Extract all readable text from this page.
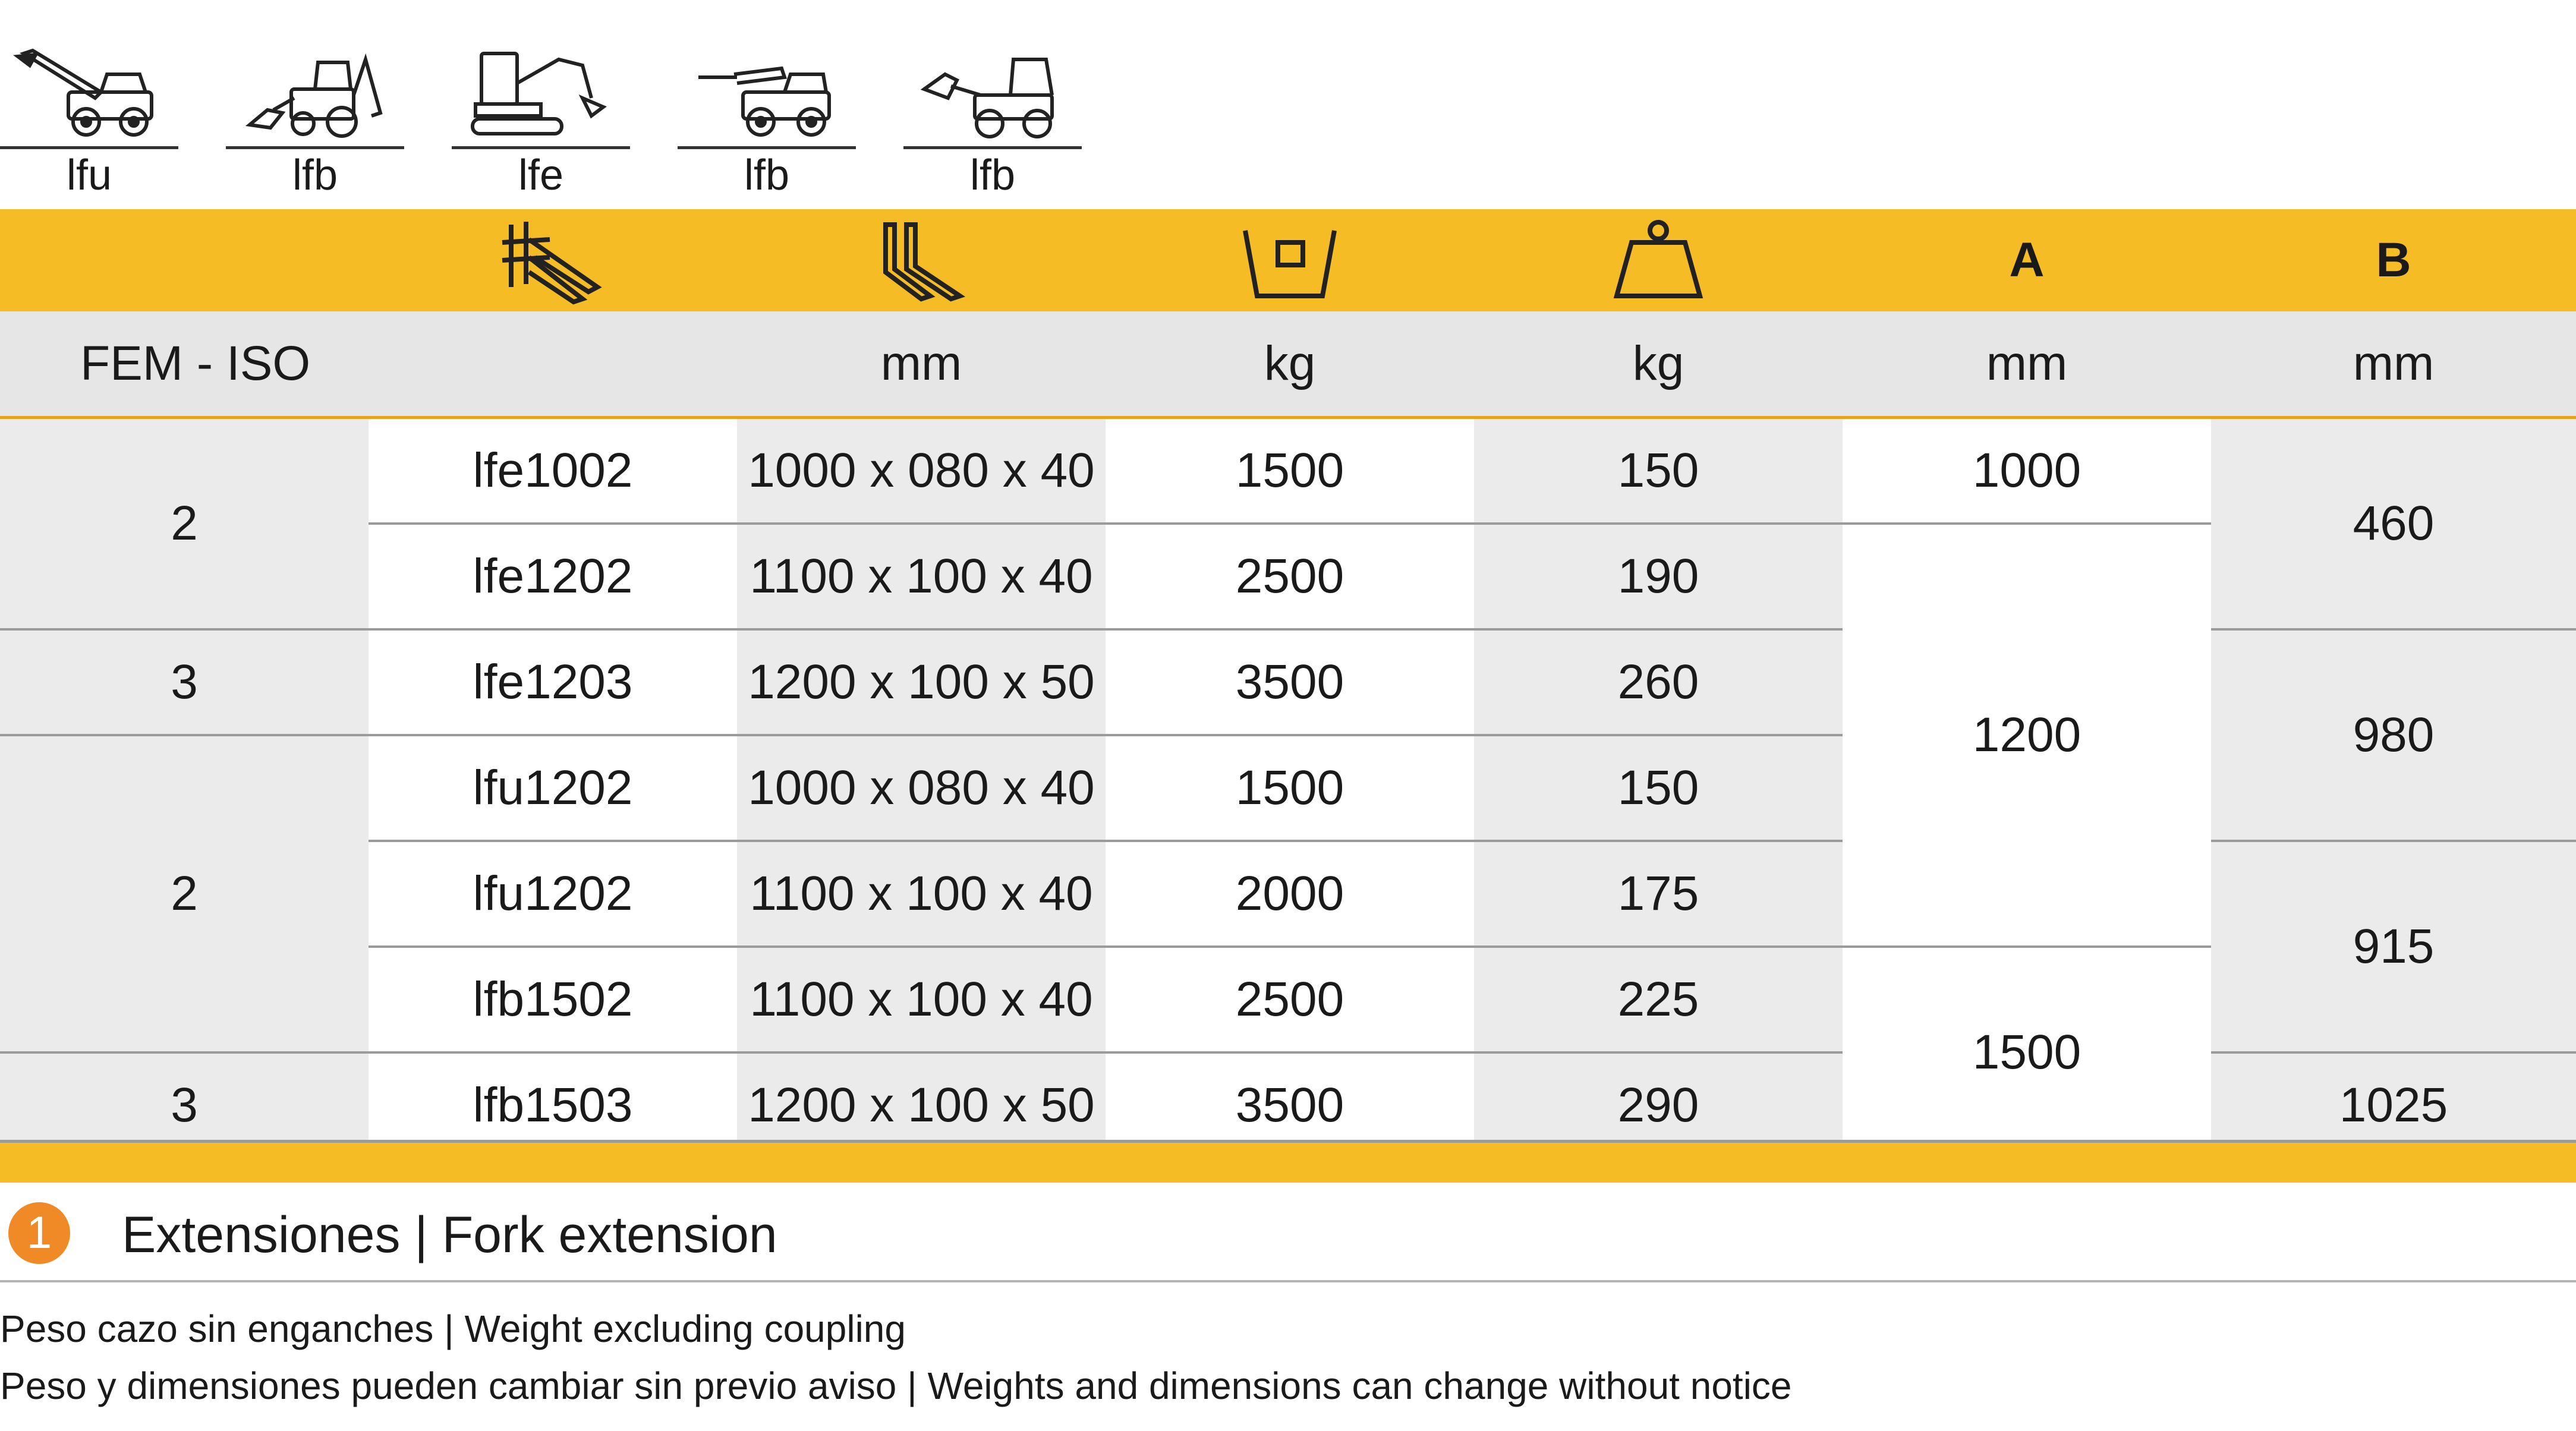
lfu	lfb	lfe	lfb	lfb
					A	B
FEM - ISO		mm	kg	kg	mm	mm
2	lfe1002	1000 x 080 x 40	1500	150	1000	460
	lfe1202	1100 x 100 x 40	2500	190	1200	
3	lfe1203	1200 x 100 x 50	3500	260		980
2	lfu1202	1000 x 080 x 40	1500	150		
	lfu1202	1100 x 100 x 40	2000	175		915
	lfb1502	1100 x 100 x 40	2500	225	1500	
3	lfb1503	1200 x 100 x 50	3500	290		1025
1	Extensiones | Fork extension
Peso cazo sin enganches | Weight excluding coupling
Peso y dimensiones pueden cambiar sin previo aviso | Weights and dimensions can change without notice
